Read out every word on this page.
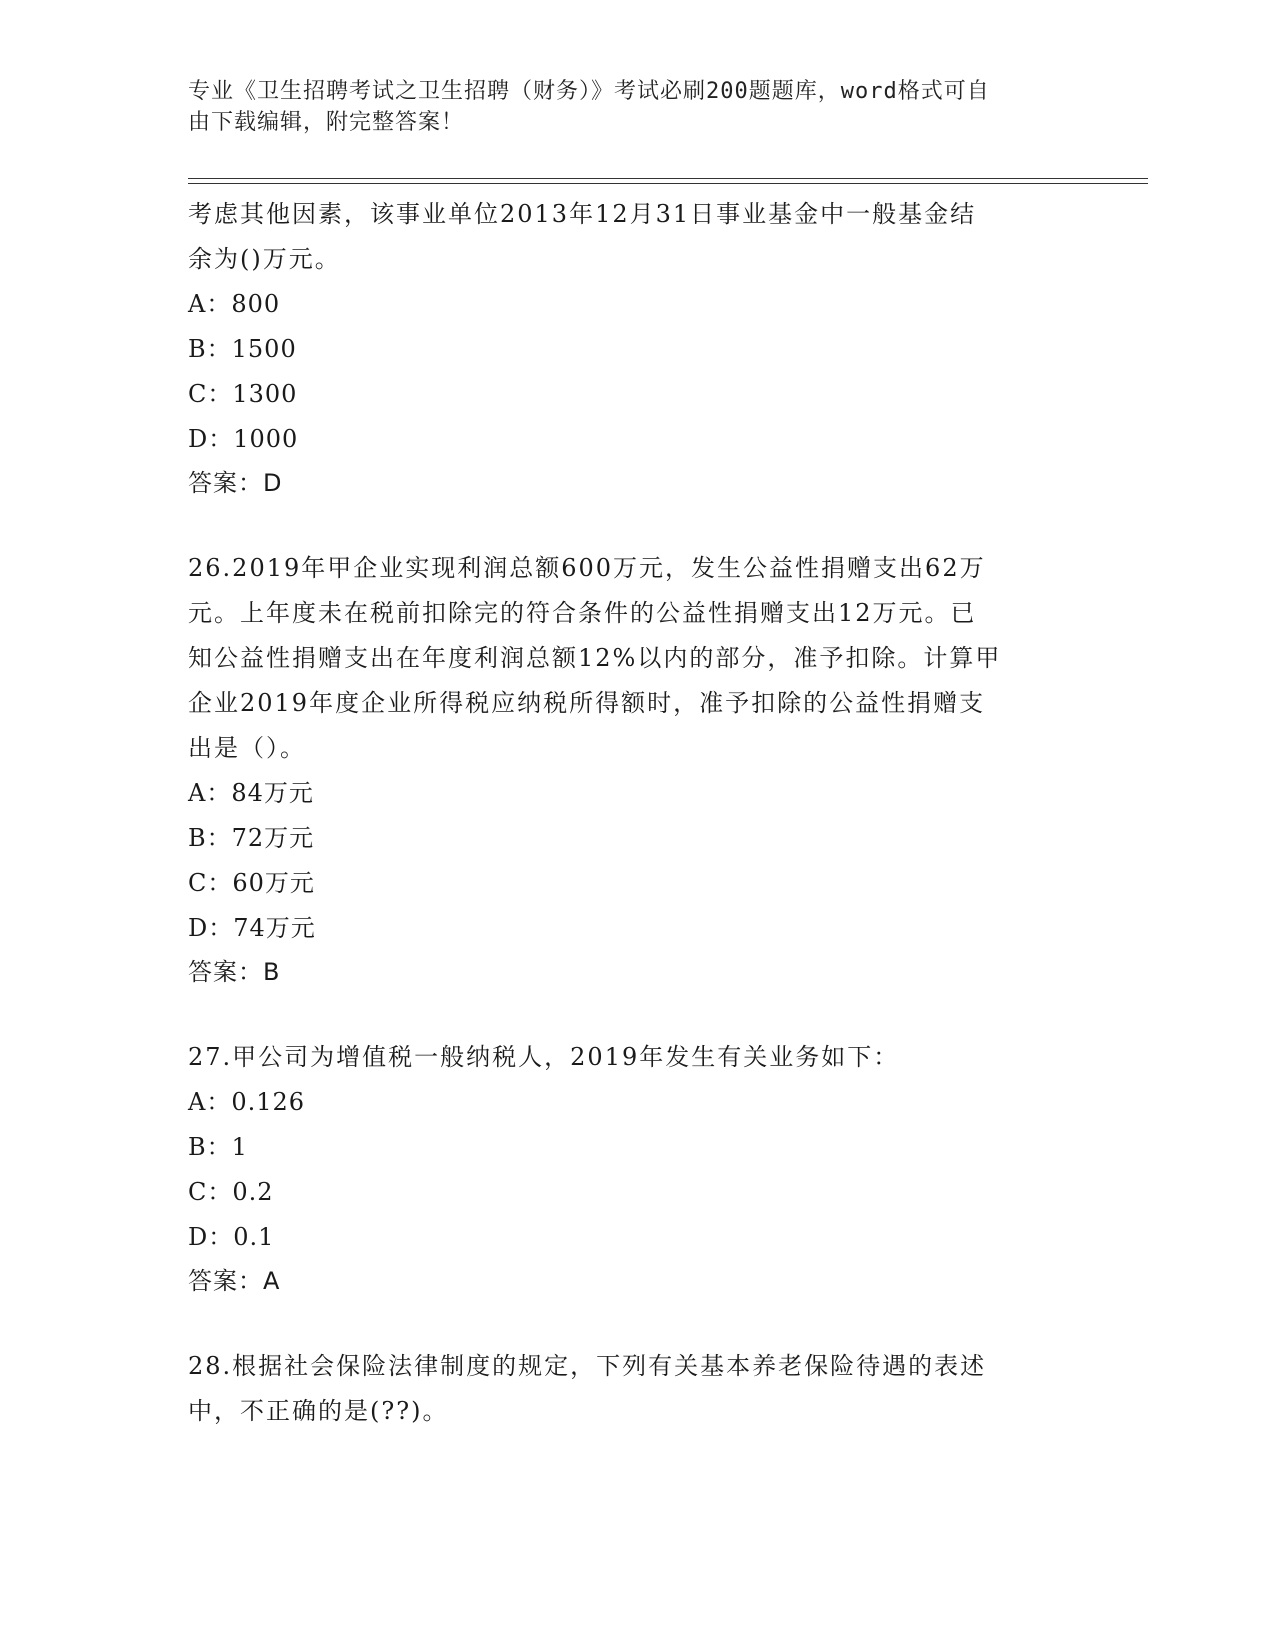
专业《卫生招聘考试之卫生招聘（财务）》考试必刷200题题库，word格式可自
由下载编辑，附完整答案！
考虑其他因素，该事业单位2013年12月31日事业基金中一般基金结
余为()万元。
A：800
B：1500
C：1300
D：1000
答案：D
26.2019年甲企业实现利润总额600万元，发生公益性捐赠支出62万
元。上年度未在税前扣除完的符合条件的公益性捐赠支出12万元。已
知公益性捐赠支出在年度利润总额12%以内的部分，准予扣除。计算甲
企业2019年度企业所得税应纳税所得额时，准予扣除的公益性捐赠支
出是（）。
A：84万元
B：72万元
C：60万元
D：74万元
答案：B
27.甲公司为增值税一般纳税人，2019年发生有关业务如下：
A：0.126
B：1
C：0.2
D：0.1
答案：A
28.根据社会保险法律制度的规定，下列有关基本养老保险待遇的表述
中，不正确的是(??)。
